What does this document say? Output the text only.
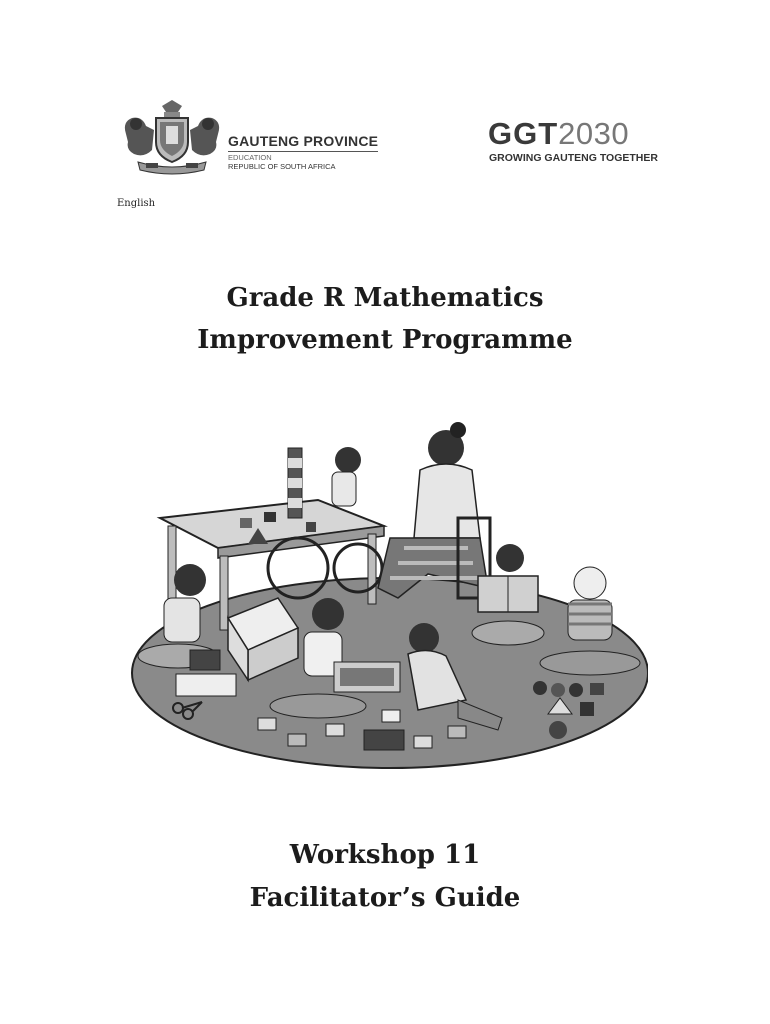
GAUTENG PROVINCE
EDUCATION
REPUBLIC OF SOUTH AFRICA
GGT2030
GROWING GAUTENG TOGETHER
English
Grade R Mathematics
Improvement Programme
Workshop 11
Facilitator’s Guide
